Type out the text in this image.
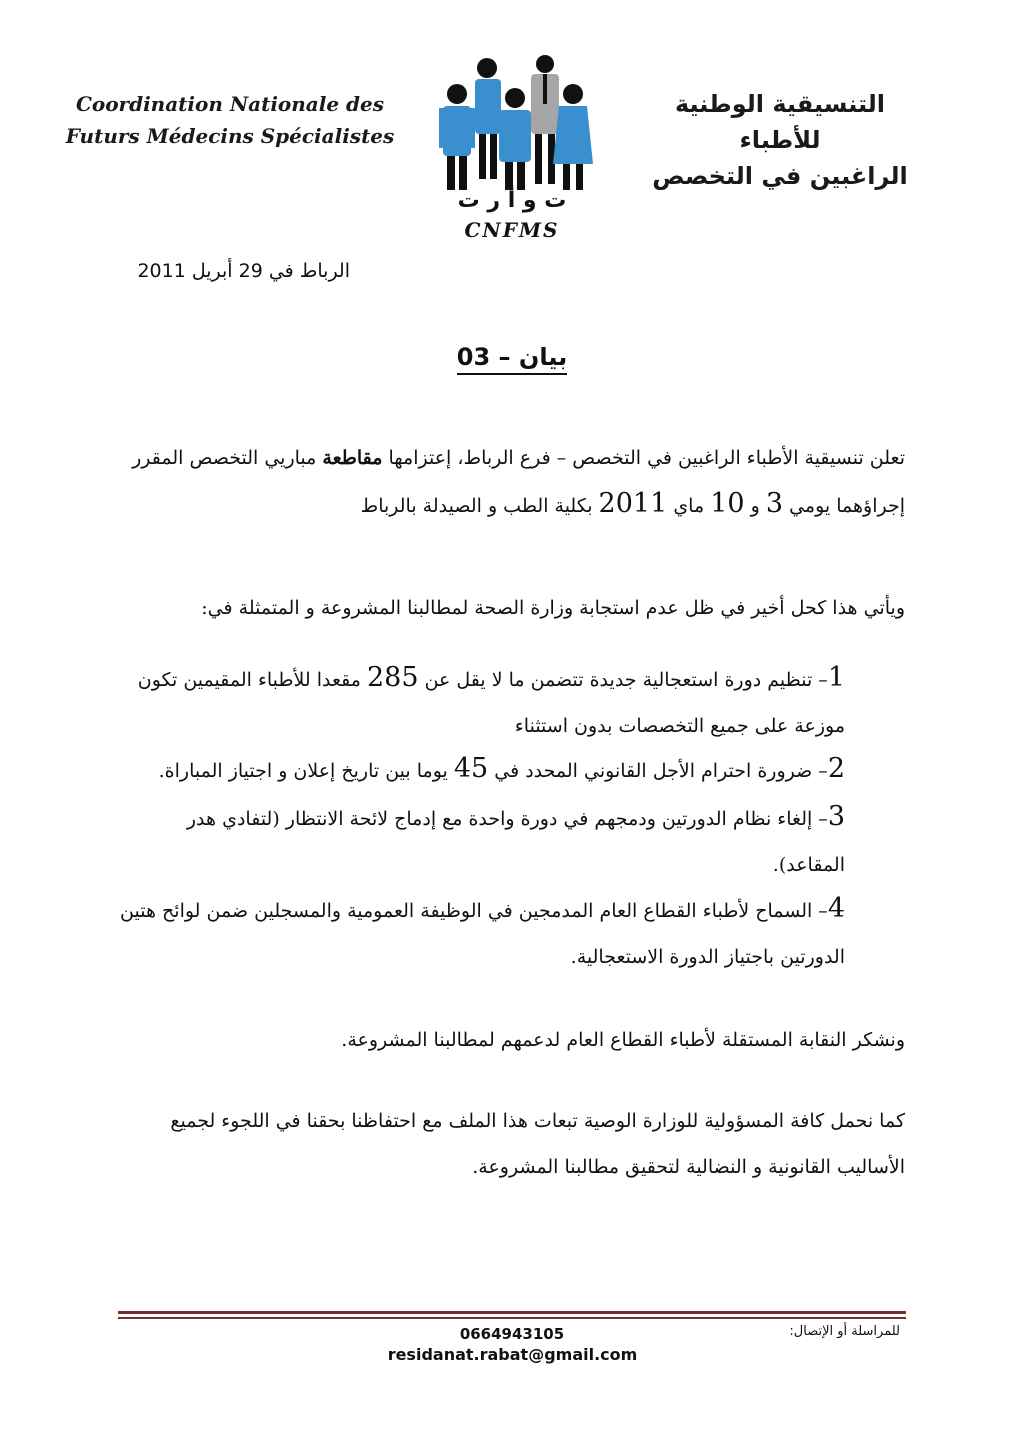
Coordination Nationale des
Futurs Médecins Spécialistes
التنسيقية الوطنية للأطباء
الراغبين في التخصص
ت و أ ر ت
CNFMS
الرباط في 29 أبريل 2011
بيان – 03
تعلن تنسيقية الأطباء الراغبين في التخصص – فرع الرباط، إعتزامها مقاطعة مباريي التخصص المقرر إجراؤهما يومي 3 و 10 ماي 2011 بكلية الطب و الصيدلة بالرباط
ويأتي هذا كحل أخير في ظل عدم استجابة وزارة الصحة لمطالبنا المشروعة و المتمثلة في:
1– تنظيم دورة استعجالية جديدة تتضمن ما لا يقل عن 285 مقعدا للأطباء المقيمين تكون موزعة على جميع التخصصات بدون استثناء
2– ضرورة احترام الأجل القانوني المحدد في 45 يوما بين تاريخ إعلان و اجتياز المباراة.
3– إلغاء نظام الدورتين ودمجهم في دورة واحدة مع إدماج لائحة الانتظار (لتفادي هدر المقاعد).
4– السماح لأطباء القطاع العام المدمجين في الوظيفة العمومية والمسجلين ضمن لوائح هتين الدورتين باجتياز الدورة الاستعجالية.
ونشكر النقابة المستقلة لأطباء القطاع العام لدعمهم لمطالبنا المشروعة.
كما نحمل كافة المسؤولية للوزارة الوصية تبعات هذا الملف مع احتفاظنا بحقنا في اللجوء لجميع الأساليب القانونية و النضالية لتحقيق مطالبنا المشروعة.
للمراسلة أو الإتصال:
0664943105
residanat.rabat@gmail.com
